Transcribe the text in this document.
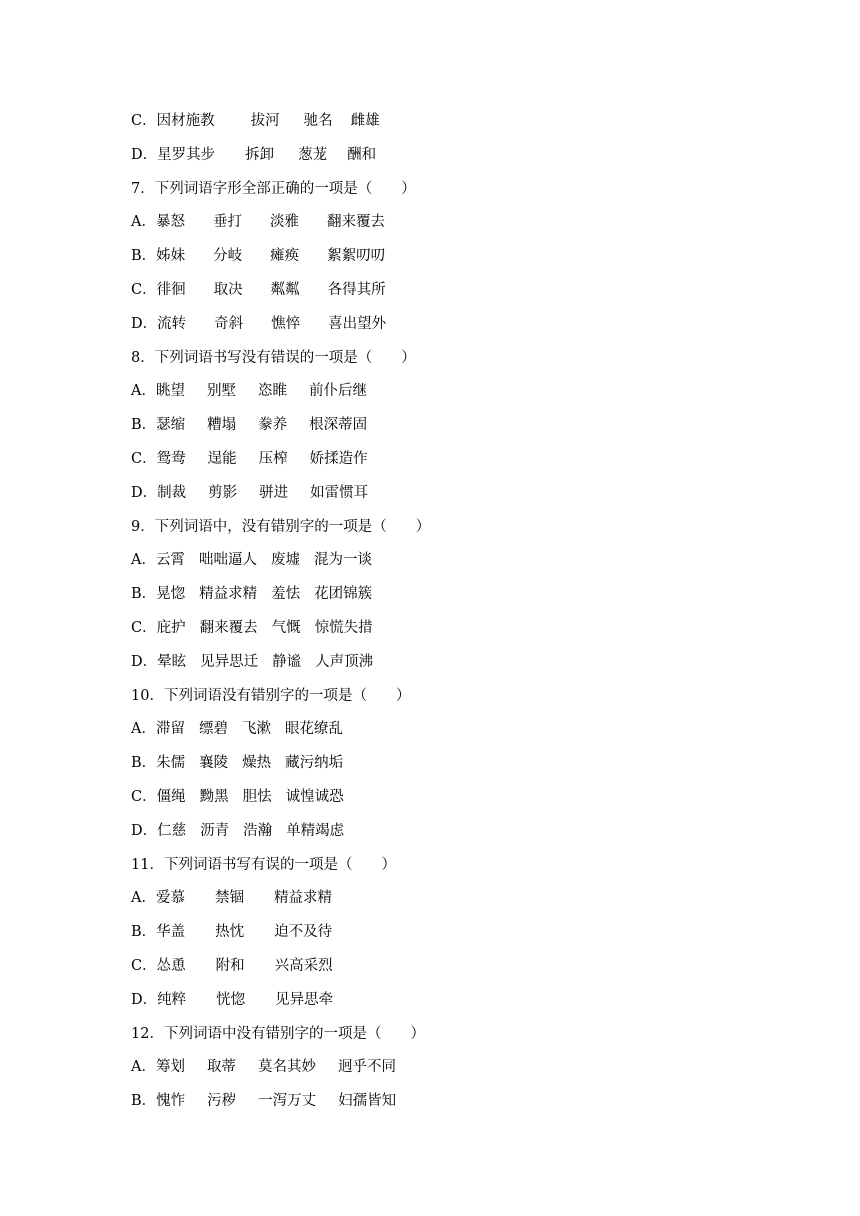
C．因材施教 拔河 驰名 雌雄
D．星罗其步 拆卸 葱茏 酬和
7．下列词语字形全部正确的一项是（　　）
A．暴怒 垂打 淡雅 翻来覆去
B．姊妹 分岐 瘫痪 絮絮叨叨
C．徘徊 取决 粼粼 各得其所
D．流转 奇斜 憔悴 喜出望外
8．下列词语书写没有错误的一项是（　　）
A．眺望 别墅 恣睢 前仆后继
B．瑟缩 糟塌 豢养 根深蒂固
C．鸳鸯 逞能 压榨 娇揉造作
D．制裁 剪影 骈进 如雷惯耳
9．下列词语中，没有错别字的一项是（　　）
A．云霄 咄咄逼人 废墟 混为一谈
B．晃惚 精益求精 羞怯 花团锦簇
C．庇护 翻来覆去 气慨 惊慌失措
D．晕眩 见异思迁 静谧 人声顶沸
10．下列词语没有错别字的一项是（　　）
A．滞留 缥碧 飞漱 眼花缭乱
B．朱儒 襄陵 燥热 藏污纳垢
C．僵绳 黝黑 胆怯 诚惶诚恐
D．仁慈 沥青 浩瀚 单精竭虑
11．下列词语书写有误的一项是（　　）
A．爱慕 禁锢 精益求精
B．华盖 热忱 迫不及待
C．怂恿 附和 兴高采烈
D．纯粹 恍惚 见异思牵
12．下列词语中没有错别字的一项是（　　）
A．筹划 取蒂 莫名其妙 迥乎不同
B．愧怍 污秽 一泻万丈 妇孺皆知
